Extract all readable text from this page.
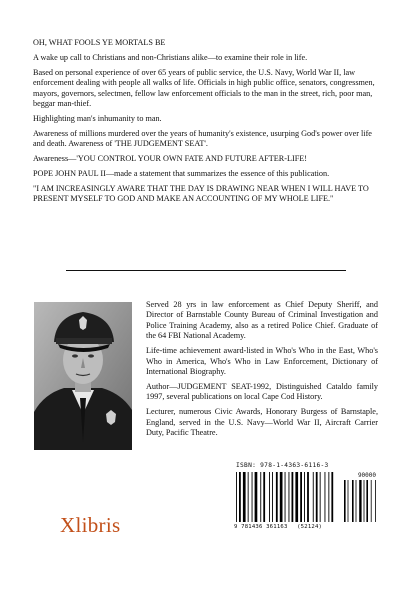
OH, WHAT FOOLS YE MORTALS BE

A wake up call to Christians and non-Christians alike—to examine their role in life.

Based on personal experience of over 65 years of public service, the U.S. Navy, World War II, law enforcement dealing with people all walks of life. Officials in high public office, senators, congressmen, mayors, governors, selectmen, fellow law enforcement officials to the man in the street, rich, poor man, beggar man-thief.

Highlighting man's inhumanity to man.

Awareness of millions murdered over the years of humanity's existence, usurping God's power over life and death. Awareness of 'THE JUDGEMENT SEAT'.

Awareness—'YOU CONTROL YOUR OWN FATE AND FUTURE AFTER-LIFE!

POPE JOHN PAUL II—made a statement that summarizes the essence of this publication.

"I AM INCREASINGLY AWARE THAT THE DAY IS DRAWING NEAR WHEN I WILL HAVE TO PRESENT MYSELF TO GOD AND MAKE AN ACCOUNTING OF MY WHOLE LIFE."

Served 28 yrs in law enforcement as Chief Deputy Sheriff, and Director of Barnstable County Bureau of Criminal Investigation and Police Training Academy, also as a retired Police Chief. Graduate of the 64 FBI National Academy.

Life-time achievement award-listed in Who's Who in the East, Who's Who in America, Who's Who in Law Enforcement, Dictionary of International Biography.

Author—JUDGEMENT SEAT-1992, Distinguished Cataldo family 1997, several publications on local Cape Cod History.

Lecturer, numerous Civic Awards, Honorary Burgess of Barnstaple, England, served in the U.S. Navy—World War II, Aircraft Carrier Duty, Pacific Theatre.

Xlibris
ISBN: 978-1-4363-6116-3
90000
9 781436 361163 (52124)
